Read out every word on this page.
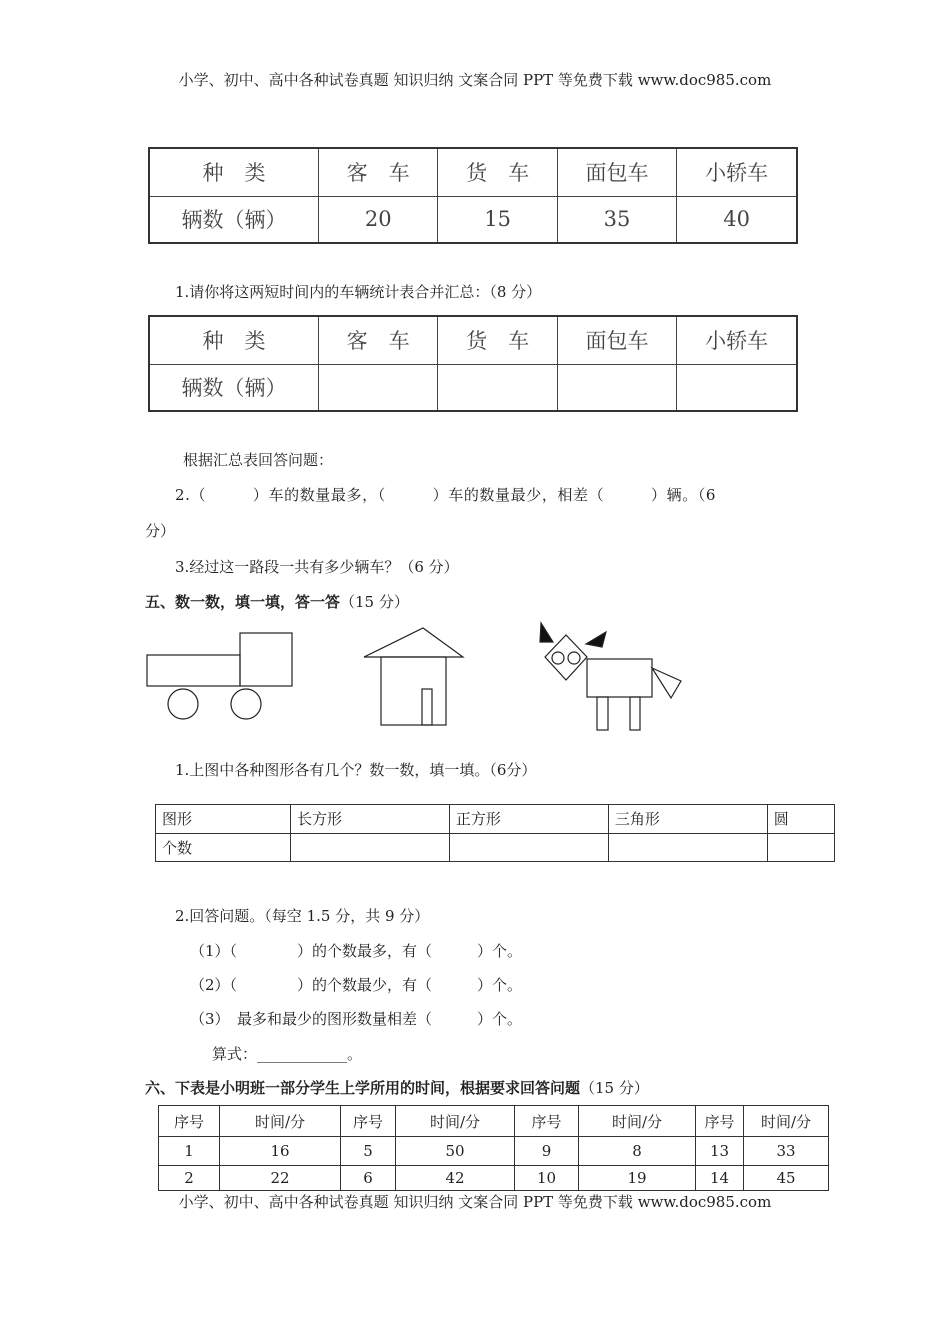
小学、初中、高中各种试卷真题 知识归纳 文案合同 PPT 等免费下载 www.doc985.com
种　类	客　车	货　车	面包车	小轿车
辆数（辆）	20	15	35	40
1.请你将这两短时间内的车辆统计表合并汇总：（8 分）
种　类	客　车	货　车	面包车	小轿车
辆数（辆）				
根据汇总表回答问题：
2.（　　　）车的数量最多，（　　　）车的数量最少，相差（　　　）辆。（6
分）
3.经过这一路段一共有多少辆车？（6 分）
五、数一数，填一填，答一答（15 分）
1.上图中各种图形各有几个？数一数，填一填。（6分）
图形	长方形	正方形	三角形	圆
个数				
2.回答问题。（每空 1.5 分，共 9 分）
（1）（　　　　）的个数最多，有（　　　）个。
（2）（　　　　）的个数最少，有（　　　）个。
（3）　最多和最少的图形数量相差（　　　）个。
算式：____________。
六、下表是小明班一部分学生上学所用的时间，根据要求回答问题（15 分）
序号	时间/分	序号	时间/分	序号	时间/分	序号	时间/分
1	16	5	50	9	8	13	33
2	22	6	42	10	19	14	45
小学、初中、高中各种试卷真题 知识归纳 文案合同 PPT 等免费下载 www.doc985.com
